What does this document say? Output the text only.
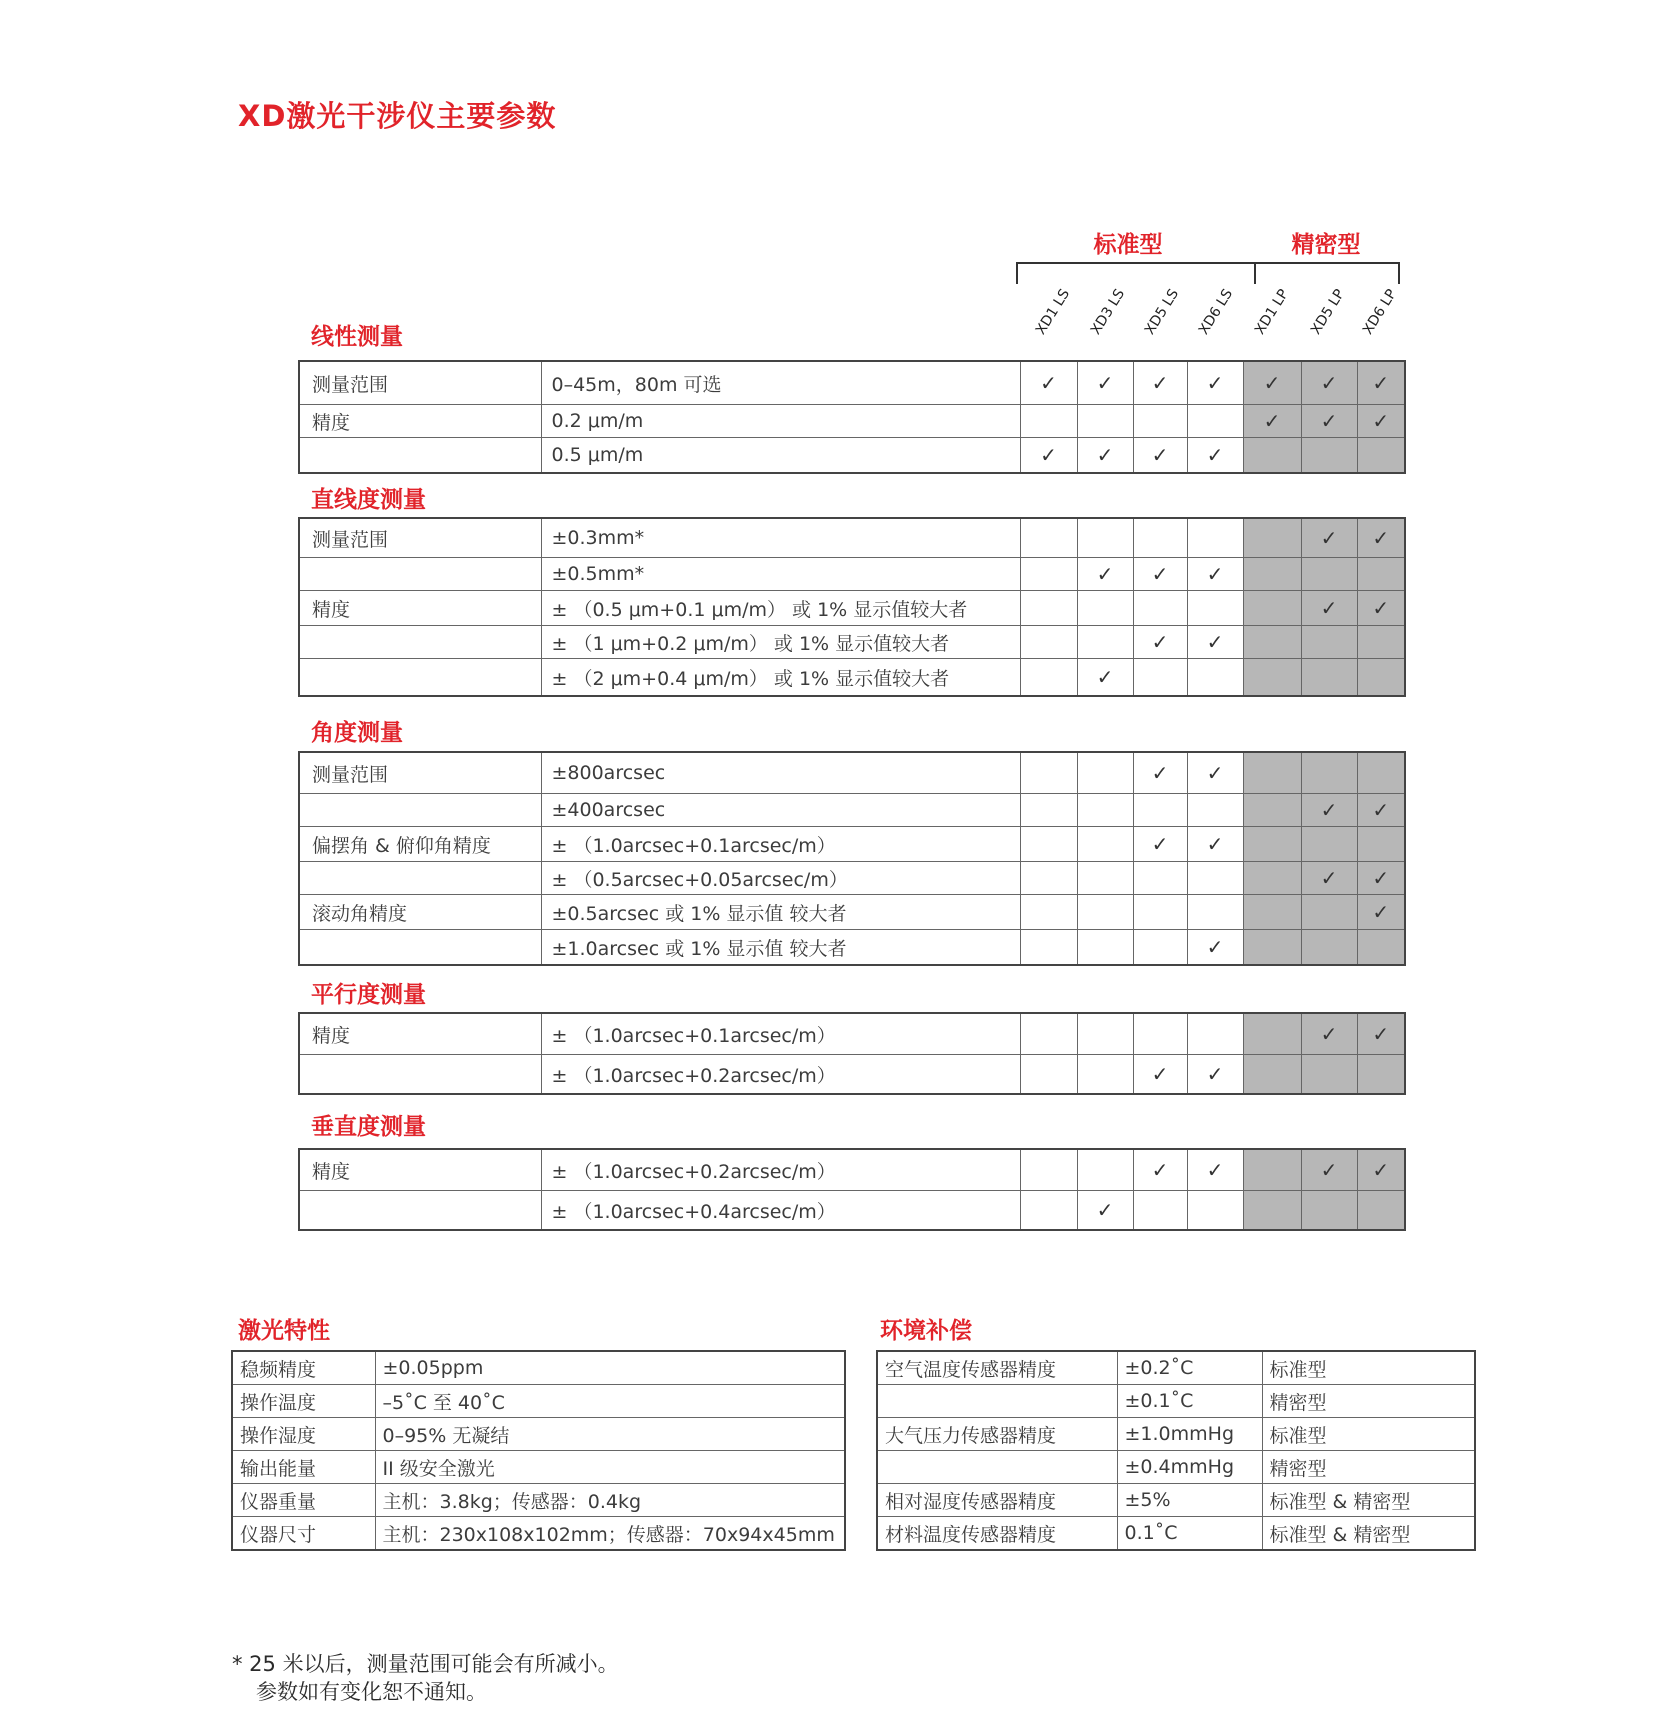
XD激光干涉仪主要参数
标准型	精密型
XD1 LS XD3 LS XD5 LS XD6 LS XD1 LP XD5 LP XD6 LP
线性测量
测量范围	0–45m，80m 可选	✓	✓	✓	✓	✓	✓	✓
精度	0.2 μm/m					✓	✓	✓
	0.5 μm/m	✓	✓	✓	✓			
直线度测量
测量范围	±0.3mm*						✓	✓
	±0.5mm*		✓	✓	✓			
精度	± （0.5 μm+0.1 μm/m） 或 1% 显示值较大者						✓	✓
	± （1 μm+0.2 μm/m） 或 1% 显示值较大者			✓	✓			
	± （2 μm+0.4 μm/m） 或 1% 显示值较大者		✓					
角度测量
测量范围	±800arcsec			✓	✓			
	±400arcsec						✓	✓
偏摆角 & 俯仰角精度	± （1.0arcsec+0.1arcsec/m）			✓	✓			
	± （0.5arcsec+0.05arcsec/m）						✓	✓
滚动角精度	±0.5arcsec 或 1% 显示值 较大者							✓
	±1.0arcsec 或 1% 显示值 较大者				✓			
平行度测量
精度	± （1.0arcsec+0.1arcsec/m）						✓	✓
	± （1.0arcsec+0.2arcsec/m）			✓	✓			
垂直度测量
精度	± （1.0arcsec+0.2arcsec/m）			✓	✓		✓	✓
	± （1.0arcsec+0.4arcsec/m）		✓					
激光特性
稳频精度	±0.05ppm
操作温度	–5˚C 至 40˚C
操作湿度	0–95% 无凝结
输出能量	II 级安全激光
仪器重量	主机：3.8kg；传感器：0.4kg
仪器尺寸	主机：230x108x102mm；传感器：70x94x45mm
环境补偿
空气温度传感器精度	±0.2˚C	标准型
	±0.1˚C	精密型
大气压力传感器精度	±1.0mmHg	标准型
	±0.4mmHg	精密型
相对湿度传感器精度	±5%	标准型 & 精密型
材料温度传感器精度	0.1˚C	标准型 & 精密型
* 25 米以后，测量范围可能会有所减小。
参数如有变化恕不通知。
